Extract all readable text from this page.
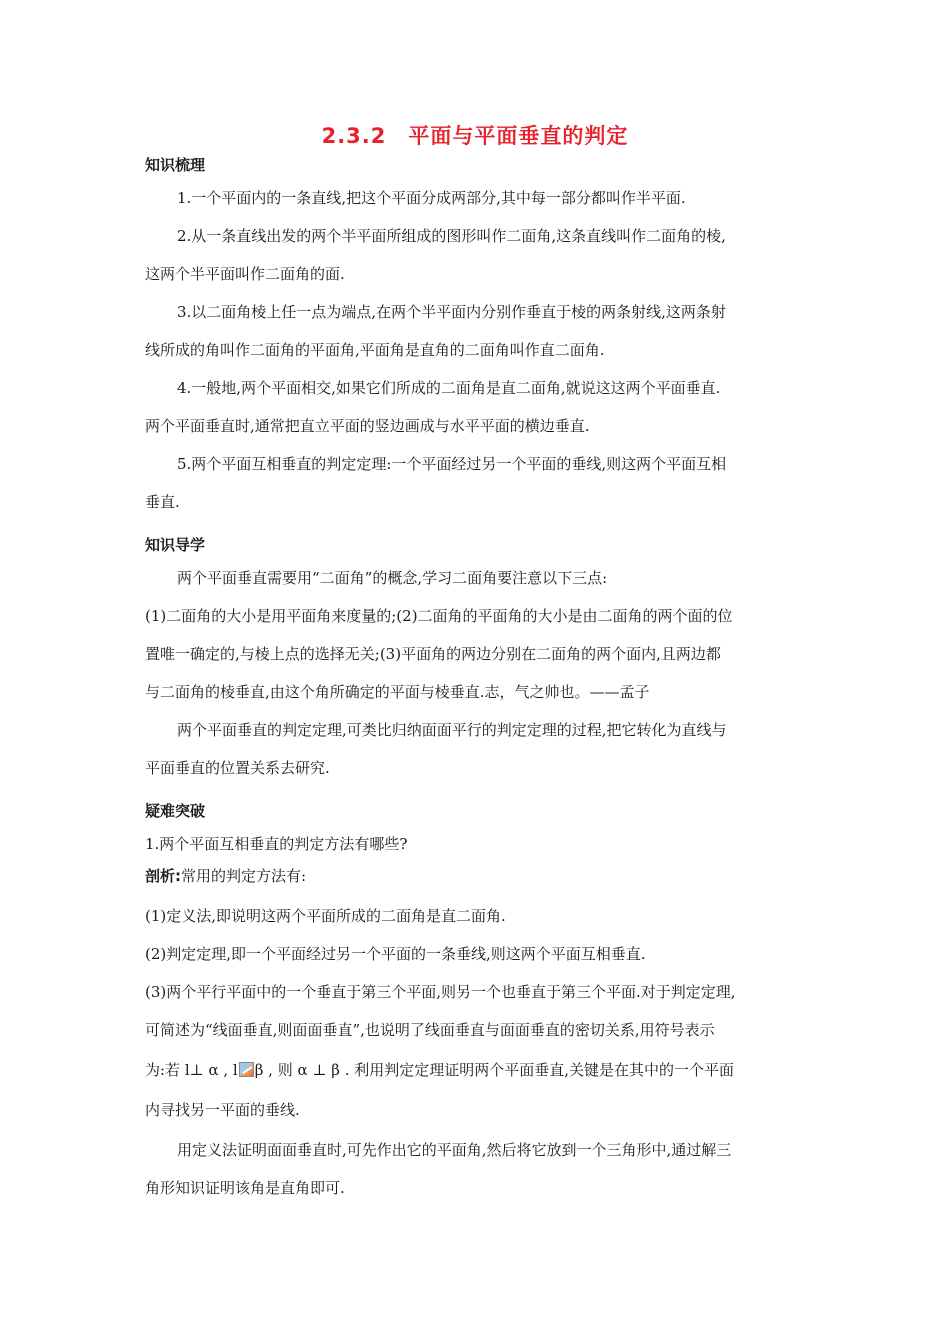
2.3.2　平面与平面垂直的判定
知识梳理

1.一个平面内的一条直线,把这个平面分成两部分,其中每一部分都叫作半平面.

2.从一条直线出发的两个半平面所组成的图形叫作二面角,这条直线叫作二面角的棱,

这两个半平面叫作二面角的面.

3.以二面角棱上任一点为端点,在两个半平面内分别作垂直于棱的两条射线,这两条射

线所成的角叫作二面角的平面角,平面角是直角的二面角叫作直二面角.

4.一般地,两个平面相交,如果它们所成的二面角是直二面角,就说这这两个平面垂直.

两个平面垂直时,通常把直立平面的竖边画成与水平平面的横边垂直.

5.两个平面互相垂直的判定定理:一个平面经过另一个平面的垂线,则这两个平面互相

垂直.

知识导学

两个平面垂直需要用“二面角”的概念,学习二面角要注意以下三点:

(1)二面角的大小是用平面角来度量的;(2)二面角的平面角的大小是由二面角的两个面的位

置唯一确定的,与棱上点的选择无关;(3)平面角的两边分别在二面角的两个面内,且两边都

与二面角的棱垂直,由这个角所确定的平面与棱垂直.志，气之帅也。——孟子

两个平面垂直的判定定理,可类比归纳面面平行的判定定理的过程,把它转化为直线与

平面垂直的位置关系去研究.

疑难突破

1.两个平面互相垂直的判定方法有哪些?

剖析:常用的判定方法有:

(1)定义法,即说明这两个平面所成的二面角是直二面角.

(2)判定定理,即一个平面经过另一个平面的一条垂线,则这两个平面互相垂直.

(3)两个平行平面中的一个垂直于第三个平面,则另一个也垂直于第三个平面.对于判定定理,

可简述为“线面垂直,则面面垂直”,也说明了线面垂直与面面垂直的密切关系,用符号表示

为:若 l⊥ α , l β , 则 α ⊥ β . 利用判定定理证明两个平面垂直,关键是在其中的一个平面

内寻找另一平面的垂线.

用定义法证明面面垂直时,可先作出它的平面角,然后将它放到一个三角形中,通过解三

角形知识证明该角是直角即可.
